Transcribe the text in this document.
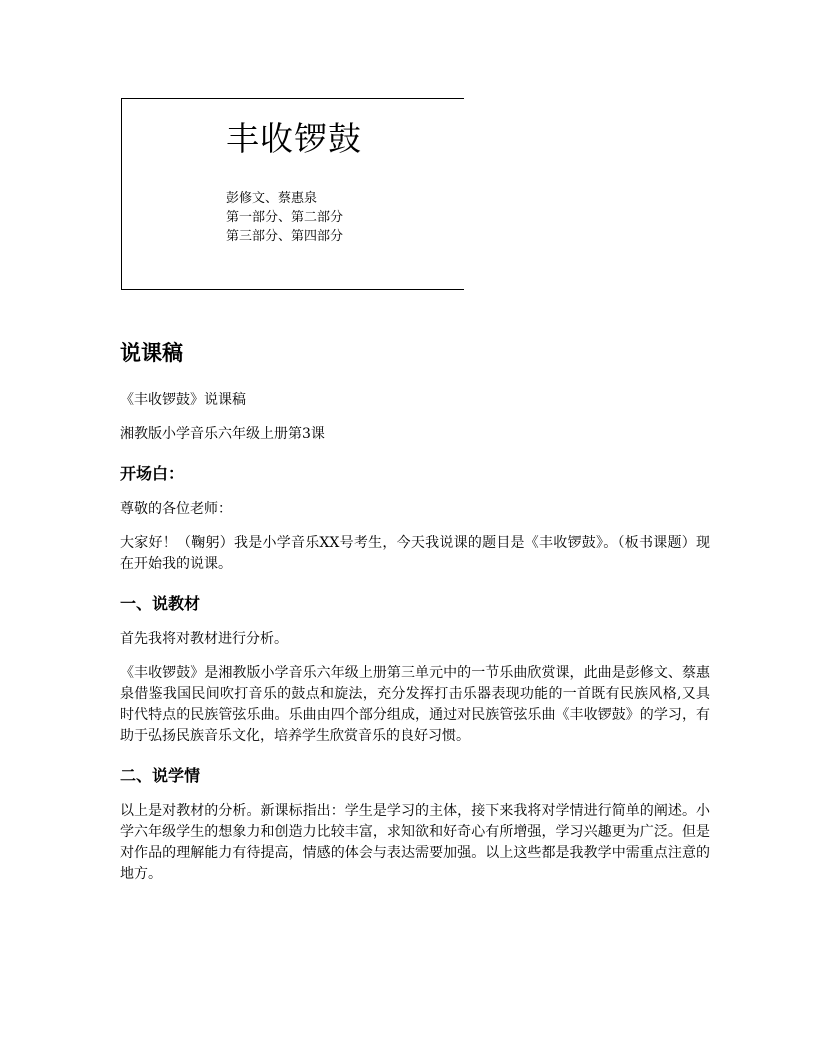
丰收锣鼓
彭修文、蔡惠泉
第一部分、第二部分
第三部分、第四部分
说课稿

《丰收锣鼓》说课稿

湘教版小学音乐六年级上册第3课

开场白：

尊敬的各位老师：

大家好！（鞠躬）我是小学音乐XX号考生，今天我说课的题目是《丰收锣鼓》。（板书课题）现在开始我的说课。

一、说教材

首先我将对教材进行分析。

《丰收锣鼓》是湘教版小学音乐六年级上册第三单元中的一节乐曲欣赏课，此曲是彭修文、蔡惠泉借鉴我国民间吹打音乐的鼓点和旋法，充分发挥打击乐器表现功能的一首既有民族风格,又具时代特点的民族管弦乐曲。乐曲由四个部分组成，通过对民族管弦乐曲《丰收锣鼓》的学习，有助于弘扬民族音乐文化，培养学生欣赏音乐的良好习惯。

二、说学情

以上是对教材的分析。新课标指出：学生是学习的主体，接下来我将对学情进行简单的阐述。小学六年级学生的想象力和创造力比较丰富，求知欲和好奇心有所增强，学习兴趣更为广泛。但是对作品的理解能力有待提高，情感的体会与表达需要加强。以上这些都是我教学中需重点注意的地方。
